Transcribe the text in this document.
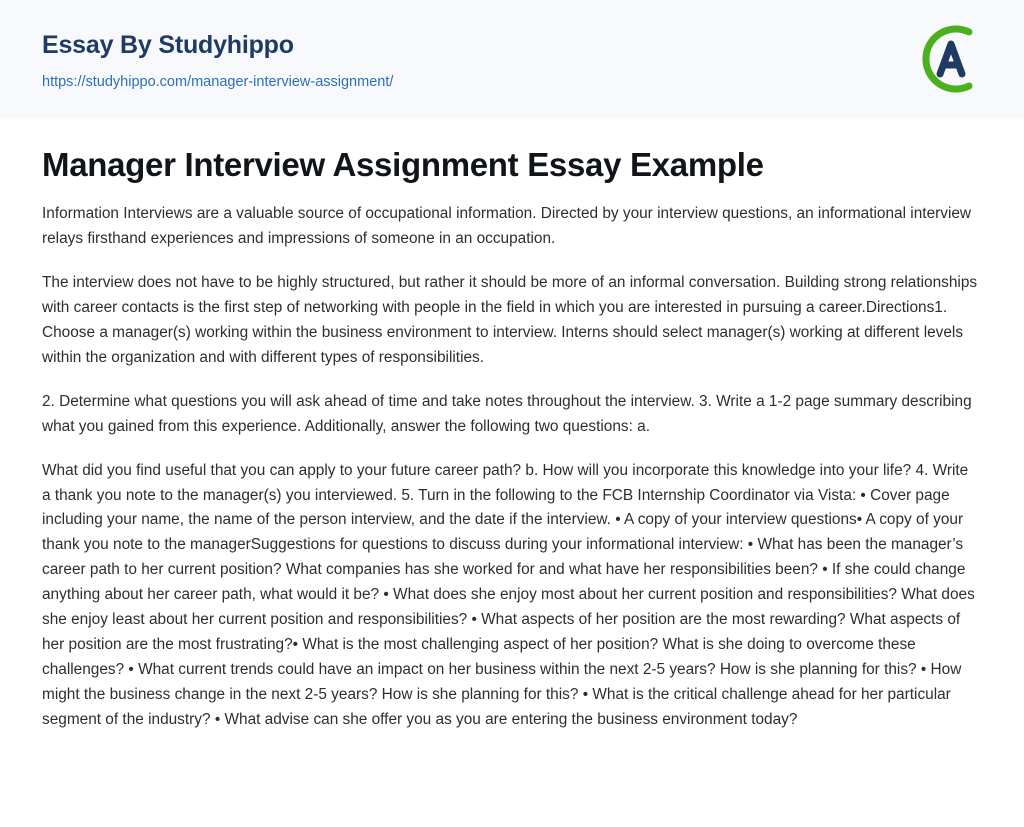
Essay By Studyhippo
https://studyhippo.com/manager-interview-assignment/
Manager Interview Assignment Essay Example

Information Interviews are a valuable source of occupational information. Directed by your interview questions, an informational interview relays firsthand experiences and impressions of someone in an occupation.

The interview does not have to be highly structured, but rather it should be more of an informal conversation. Building strong relationships with career contacts is the first step of networking with people in the field in which you are interested in pursuing a career.Directions1. Choose a manager(s) working within the business environment to interview. Interns should select manager(s) working at different levels within the organization and with different types of responsibilities.

2. Determine what questions you will ask ahead of time and take notes throughout the interview. 3. Write a 1-2 page summary describing what you gained from this experience. Additionally, answer the following two questions: a.

What did you find useful that you can apply to your future career path? b. How will you incorporate this knowledge into your life? 4. Write a thank you note to the manager(s) you interviewed. 5. Turn in the following to the FCB Internship Coordinator via Vista: • Cover page including your name, the name of the person interview, and the date if the interview. • A copy of your interview questions• A copy of your thank you note to the managerSuggestions for questions to discuss during your informational interview: • What has been the manager’s career path to her current position? What companies has she worked for and what have her responsibilities been? • If she could change anything about her career path, what would it be? • What does she enjoy most about her current position and responsibilities? What does she enjoy least about her current position and responsibilities? • What aspects of her position are the most rewarding? What aspects of her position are the most frustrating?• What is the most challenging aspect of her position? What is she doing to overcome these challenges? • What current trends could have an impact on her business within the next 2-5 years? How is she planning for this? • How might the business change in the next 2-5 years? How is she planning for this? • What is the critical challenge ahead for her particular segment of the industry? • What advise can she offer you as you are entering the business environment today?
